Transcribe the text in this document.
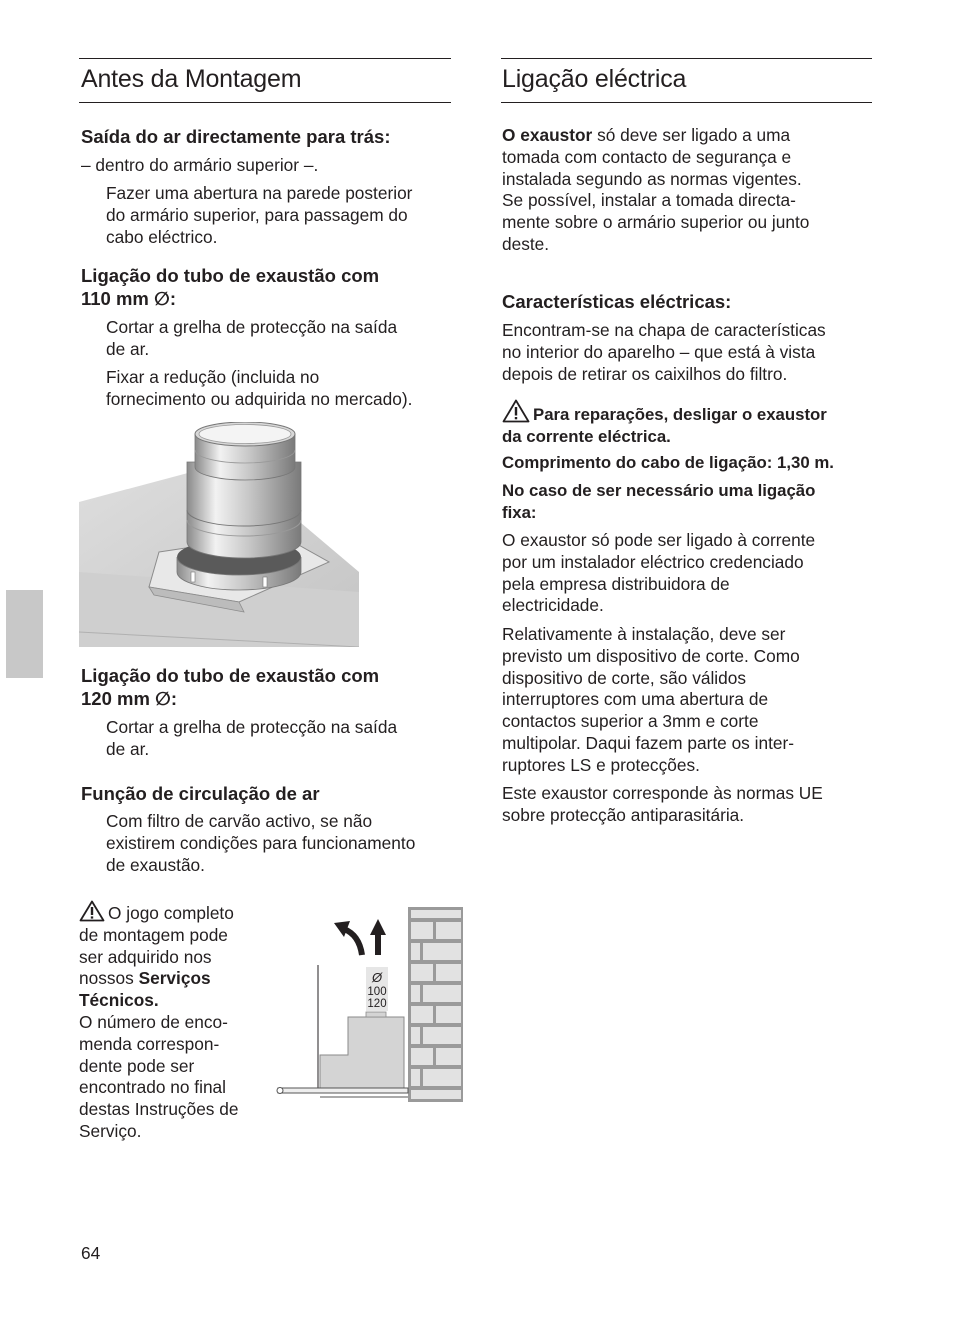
Antes da Montagem
Saída do ar directamente para trás:
– dentro do armário superior –.
Fazer uma abertura na parede posterior
do armário superior, para passagem do
cabo eléctrico.
Ligação do tubo de exaustão com
110 mm ∅:
Cortar a grelha de protecção na saída
de ar.
Fixar a redução (incluida no
fornecimento ou adquirida no mercado).
Ligação do tubo de exaustão com
120 mm ∅:
Cortar a grelha de protecção na saída
de ar.
Função de circulação de ar
Com filtro de carvão activo, se não
existirem condições para funcionamento
de exaustão.
O jogo completo
de montagem pode
ser adquirido nos
nossos Serviços
Técnicos.
O número de enco-
menda correspon-
dente pode ser
encontrado no final
destas Instruções de
Serviço.
Ø
100
120
Ligação eléctrica
O exaustor só deve ser ligado a uma
tomada com contacto de segurança e
instalada segundo as normas vigentes.
Se possível, instalar a tomada directa-
mente sobre o armário superior ou junto
deste.
Características eléctricas:
Encontram-se na chapa de características
no interior do aparelho – que está à vista
depois de retirar os caixilhos do filtro.
Para reparações, desligar o exaustor
da corrente eléctrica.
Comprimento do cabo de ligação: 1,30 m.
No caso de ser necessário uma ligação
fixa:
O exaustor só pode ser ligado à corrente
por um instalador eléctrico credenciado
pela empresa distribuidora de
electricidade.
Relativamente à instalação, deve ser
previsto um dispositivo de corte. Como
dispositivo de corte, são válidos
interruptores com uma abertura de
contactos superior a 3mm e corte
multipolar. Daqui fazem parte os inter-
ruptores LS e protecções.
Este exaustor corresponde às normas UE
sobre protecção antiparasitária.
64
